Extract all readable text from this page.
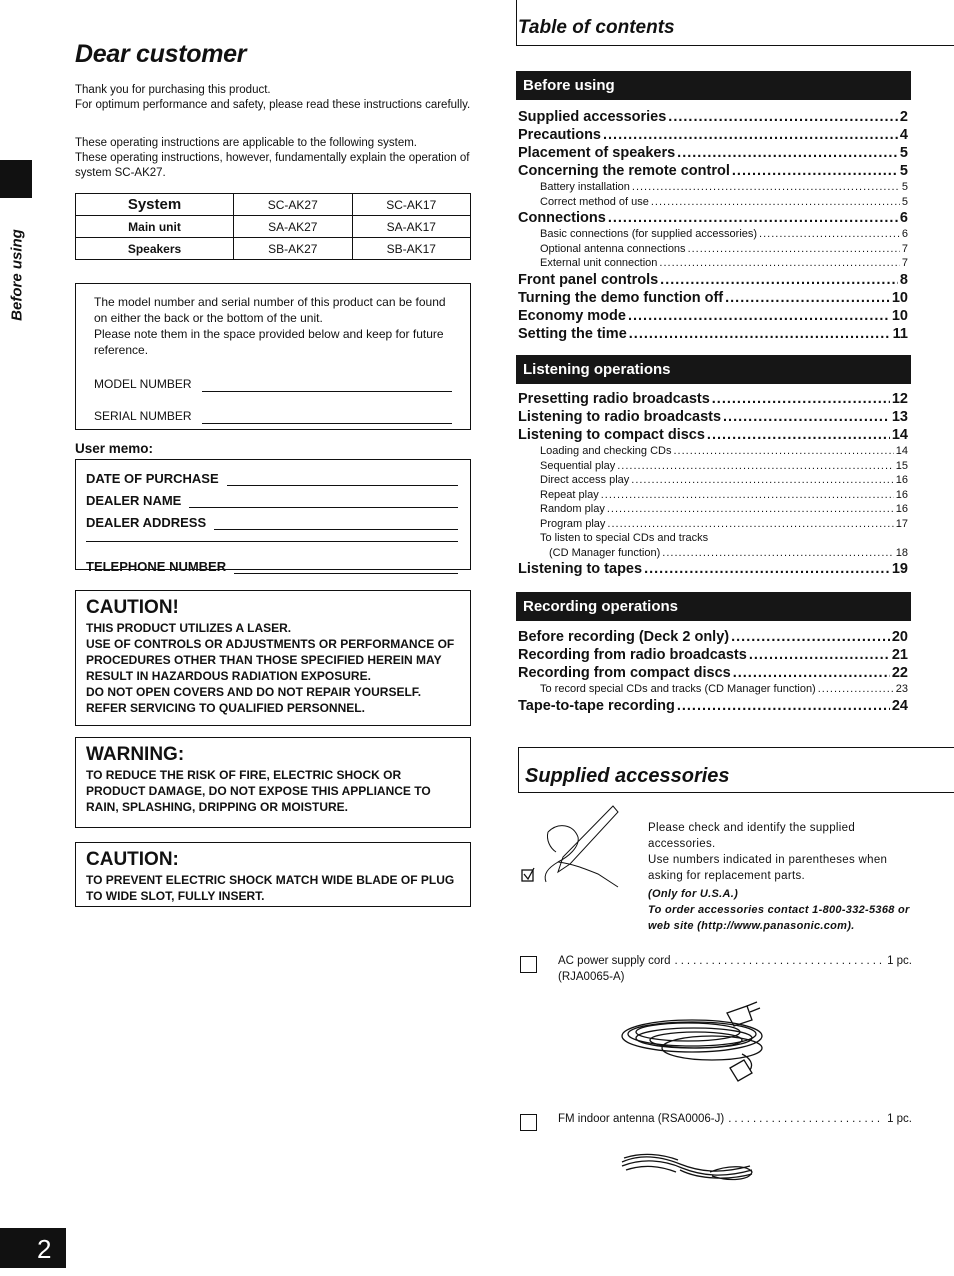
Dear customer
Thank you for purchasing this product.
For optimum performance and safety, please read these instructions carefully.
These operating instructions are applicable to the following system.
These operating instructions, however, fundamentally explain the operation of system SC-AK27.
Before using
System	SC-AK27	SC-AK17
Main unit	SA-AK27	SA-AK17
Speakers	SB-AK27	SB-AK17
The model number and serial number of this product can be found on either the back or the bottom of the unit.
Please note them in the space provided below and keep for future reference.
MODEL NUMBER
SERIAL NUMBER
User memo:
DATE OF PURCHASE
DEALER NAME
DEALER ADDRESS
TELEPHONE NUMBER
CAUTION!
THIS PRODUCT UTILIZES A LASER.
USE OF CONTROLS OR ADJUSTMENTS OR PERFORMANCE OF PROCEDURES OTHER THAN THOSE SPECIFIED HEREIN MAY RESULT IN HAZARDOUS RADIATION EXPOSURE.
DO NOT OPEN COVERS AND DO NOT REPAIR YOURSELF. REFER SERVICING TO QUALIFIED PERSONNEL.
WARNING:
TO REDUCE THE RISK OF FIRE, ELECTRIC SHOCK OR PRODUCT DAMAGE, DO NOT EXPOSE THIS APPLIANCE TO RAIN, SPLASHING, DRIPPING OR MOISTURE.
CAUTION:
TO PREVENT ELECTRIC SHOCK MATCH WIDE BLADE OF PLUG TO WIDE SLOT, FULLY INSERT.
Table of contents
Before using
Supplied accessories .....	2
Precautions .....	4
Placement of speakers .....	5
Concerning the remote control .....	5
Battery installation .....	5
Correct method of use .....	5
Connections .....	6
Basic connections (for supplied accessories) .....	6
Optional antenna connections .....	7
External unit connection .....	7
Front panel controls .....	8
Turning the demo function off .....	10
Economy mode .....	10
Setting the time .....	11
Listening operations
Presetting radio broadcasts .....	12
Listening to radio broadcasts .....	13
Listening to compact discs .....	14
Loading and checking CDs .....	14
Sequential play .....	15
Direct access play .....	16
Repeat play .....	16
Random play .....	16
Program play .....	17
To listen to special CDs and tracks
(CD Manager function) .....	18
Listening to tapes .....	19
Recording operations
Before recording (Deck 2 only) .....	20
Recording from radio broadcasts .....	21
Recording from compact discs .....	22
To record special CDs and tracks (CD Manager function) .....	23
Tape-to-tape recording .....	24
Supplied accessories
Please check and identify the supplied accessories.
Use numbers indicated in parentheses when asking for replacement parts.
(Only for U.S.A.)
To order accessories contact 1-800-332-5368 or web site (http://www.panasonic.com).
AC power supply cord .....	1 pc.
(RJA0065-A)
FM indoor antenna (RSA0006-J) .....	1 pc.
2
